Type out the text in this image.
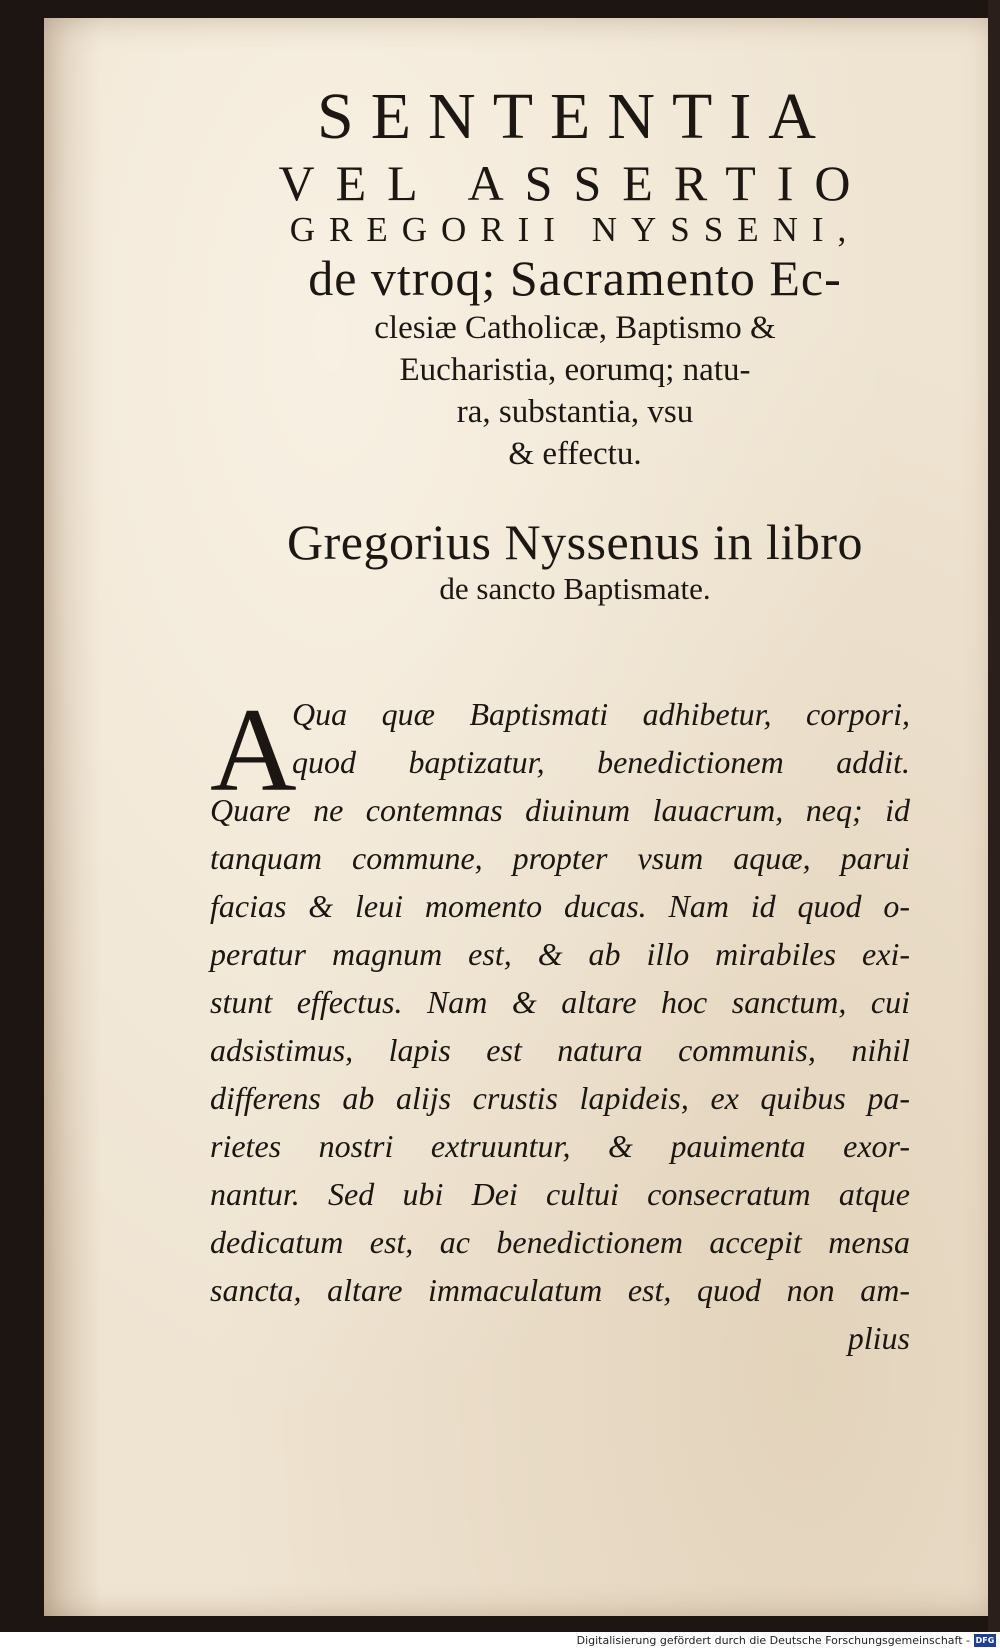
SENTENTIA
VEL ASSERTIO
GREGORII NYSSENI,
de vtroq; Sacramento Ec-
clesiæ Catholicæ, Baptismo &
Eucharistia, eorumq; natu-
ra, substantia, vsu
& effectu.
Gregorius Nyssenus in libro
de sancto Baptismate.
A
Qua quæ Baptismati adhibetur, corpori,
quod baptizatur, benedictionem addit.
Quare ne contemnas diuinum lauacrum, neq; id
tanquam commune, propter vsum aquæ, parui
facias & leui momento ducas. Nam id quod o-
peratur magnum est, & ab illo mirabiles exi-
stunt effectus. Nam & altare hoc sanctum, cui
adsistimus, lapis est natura communis, nihil
differens ab alijs crustis lapideis, ex quibus pa-
rietes nostri extruuntur, & pauimenta exor-
nantur. Sed ubi Dei cultui consecratum atque
dedicatum est, ac benedictionem accepit mensa
sancta, altare immaculatum est, quod non am-
plius
Digitalisierung gefördert durch die Deutsche Forschungsgemeinschaft - DFG
